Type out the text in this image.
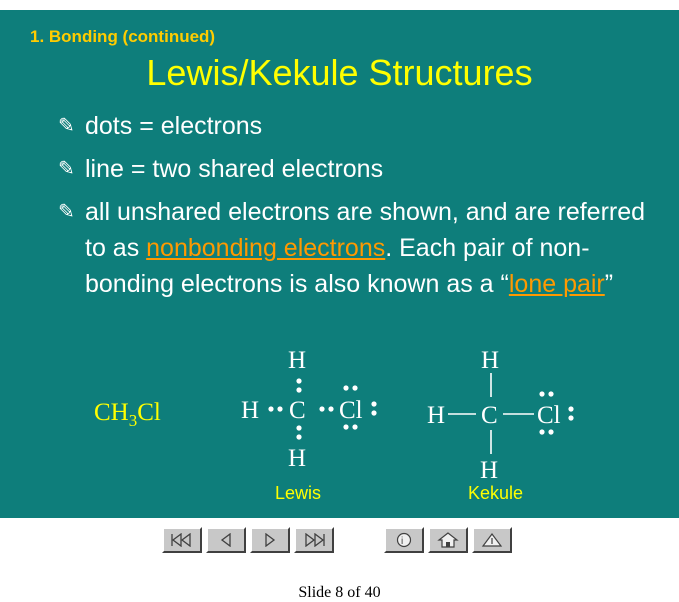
1. Bonding (continued)
Lewis/Kekule Structures
✎ dots = electrons
✎ line = two shared electrons
✎ all unshared electrons are shown, and are referred to as nonbonding electrons. Each pair of non-bonding electrons is also known as a “lone pair”
$CH_3Cl$
H
H C Cl
H
H
H C Cl
H
Lewis	Kekule
i
Slide 8 of 40
